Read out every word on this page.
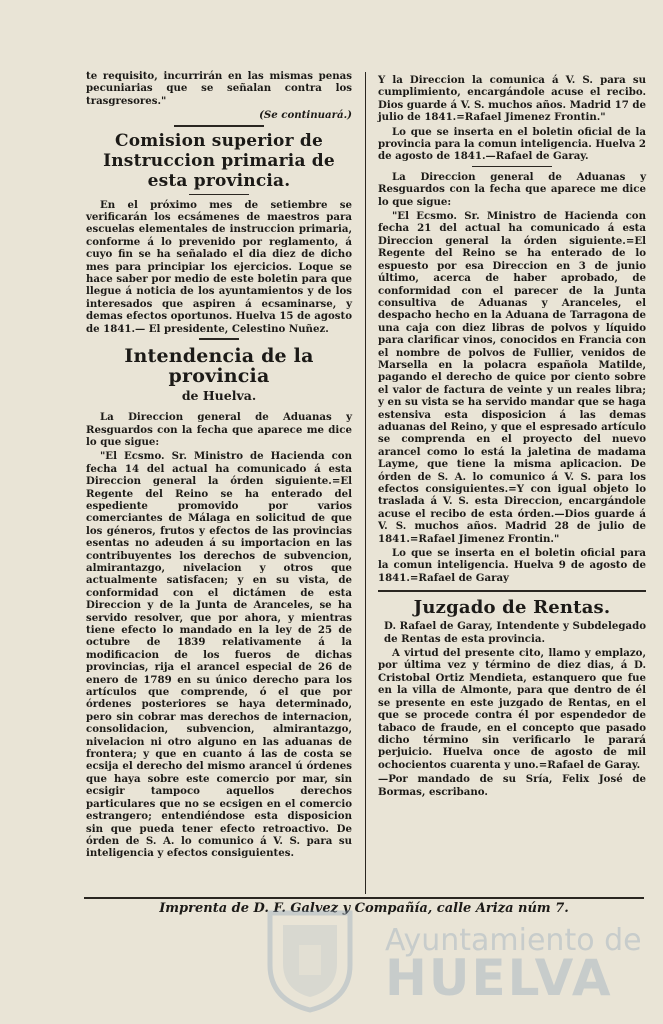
te requisito, incurrirán en las mismas penas pecuniarias que se señalan contra los trasgresores."

(Se continuará.)

Comision superior de Instruccion primaria de esta provincia.

En el próximo mes de setiembre se verificarán los ecsámenes de maestros para escuelas elementales de instruccion primaria, conforme á lo prevenido por reglamento, á cuyo fin se ha señalado el dia diez de dicho mes para principiar los ejercicios. Loque se hace saber por medio de este boletin para que llegue á noticia de los ayuntamientos y de los interesados que aspiren á ecsaminarse, y demas efectos oportunos. Huelva 15 de agosto de 1841.— El presidente, Celestino Nuñez.

Intendencia de la provincia
de Huelva.

La Direccion general de Aduanas y Resguardos con la fecha que aparece me dice lo que sigue:

"El Ecsmo. Sr. Ministro de Hacienda con fecha 14 del actual ha comunicado á esta Direccion general la órden siguiente.=El Regente del Reino se ha enterado del espediente promovido por varios comerciantes de Málaga en solicitud de que los géneros, frutos y efectos de las provincias esentas no adeuden á su importacion en las contribuyentes los derechos de subvencion, almirantazgo, nivelacion y otros que actualmente satisfacen; y en su vista, de conformidad con el dictámen de esta Direccion y de la Junta de Aranceles, se ha servido resolver, que por ahora, y mientras tiene efecto lo mandado en la ley de 25 de octubre de 1839 relativamente á la modificacion de los fueros de dichas provincias, rija el arancel especial de 26 de enero de 1789 en su único derecho para los artículos que comprende, ó el que por órdenes posteriores se haya determinado, pero sin cobrar mas derechos de internacion, consolidacion, subvencion, almirantazgo, nivelacion ni otro alguno en las aduanas de frontera; y que en cuanto á las de costa se ecsija el derecho del mismo arancel ú órdenes que haya sobre este comercio por mar, sin ecsigir tampoco aquellos derechos particulares que no se ecsigen en el comercio estrangero; entendiéndose esta disposicion sin que pueda tener efecto retroactivo. De órden de S. A. lo comunico á V. S. para su inteligencia y efectos consiguientes.

Y la Direccion la comunica á V. S. para su cumplimiento, encargándole acuse el recibo. Dios guarde á V. S. muchos años. Madrid 17 de julio de 1841.=Rafael Jimenez Frontin."

Lo que se inserta en el boletin oficial de la provincia para la comun inteligencia. Huelva 2 de agosto de 1841.—Rafael de Garay.

La Direccion general de Aduanas y Resguardos con la fecha que aparece me dice lo que sigue:

"El Ecsmo. Sr. Ministro de Hacienda con fecha 21 del actual ha comunicado á esta Direccion general la órden siguiente.=El Regente del Reino se ha enterado de lo espuesto por esa Direccion en 3 de junio último, acerca de haber aprobado, de conformidad con el parecer de la Junta consultiva de Aduanas y Aranceles, el despacho hecho en la Aduana de Tarragona de una caja con diez libras de polvos y líquido para clarificar vinos, conocidos en Francia con el nombre de polvos de Fullier, venidos de Marsella en la polacra española Matilde, pagando el derecho de quice por ciento sobre el valor de factura de veinte y un reales libra; y en su vista se ha servido mandar que se haga estensiva esta disposicion á las demas aduanas del Reino, y que el espresado artículo se comprenda en el proyecto del nuevo arancel como lo está la jaletina de madama Layme, que tiene la misma aplicacion. De órden de S. A. lo comunico á V. S. para los efectos consiguientes.=Y con igual objeto lo traslada á V. S. esta Direccion, encargándole acuse el recibo de esta órden.—Dios guarde á V. S. muchos años. Madrid 28 de julio de 1841.=Rafael Jimenez Frontin."

Lo que se inserta en el boletin oficial para la comun inteligencia. Huelva 9 de agosto de 1841.=Rafael de Garay

Juzgado de Rentas.

D. Rafael de Garay, Intendente y Subdelegado de Rentas de esta provincia.

A virtud del presente cito, llamo y emplazo, por última vez y término de diez dias, á D. Cristobal Ortiz Mendieta, estanquero que fue en la villa de Almonte, para que dentro de él se presente en este juzgado de Rentas, en el que se procede contra él por espendedor de tabaco de fraude, en el concepto que pasado dicho término sin verificarlo le parará perjuicio. Huelva once de agosto de mil ochocientos cuarenta y uno.=Rafael de Garay.

—Por mandado de su Sría, Felix José de Bormas, escribano.

Imprenta de D. F. Galvez y Compañía, calle Ariza núm 7.
Ayuntamiento de
HUELVA
